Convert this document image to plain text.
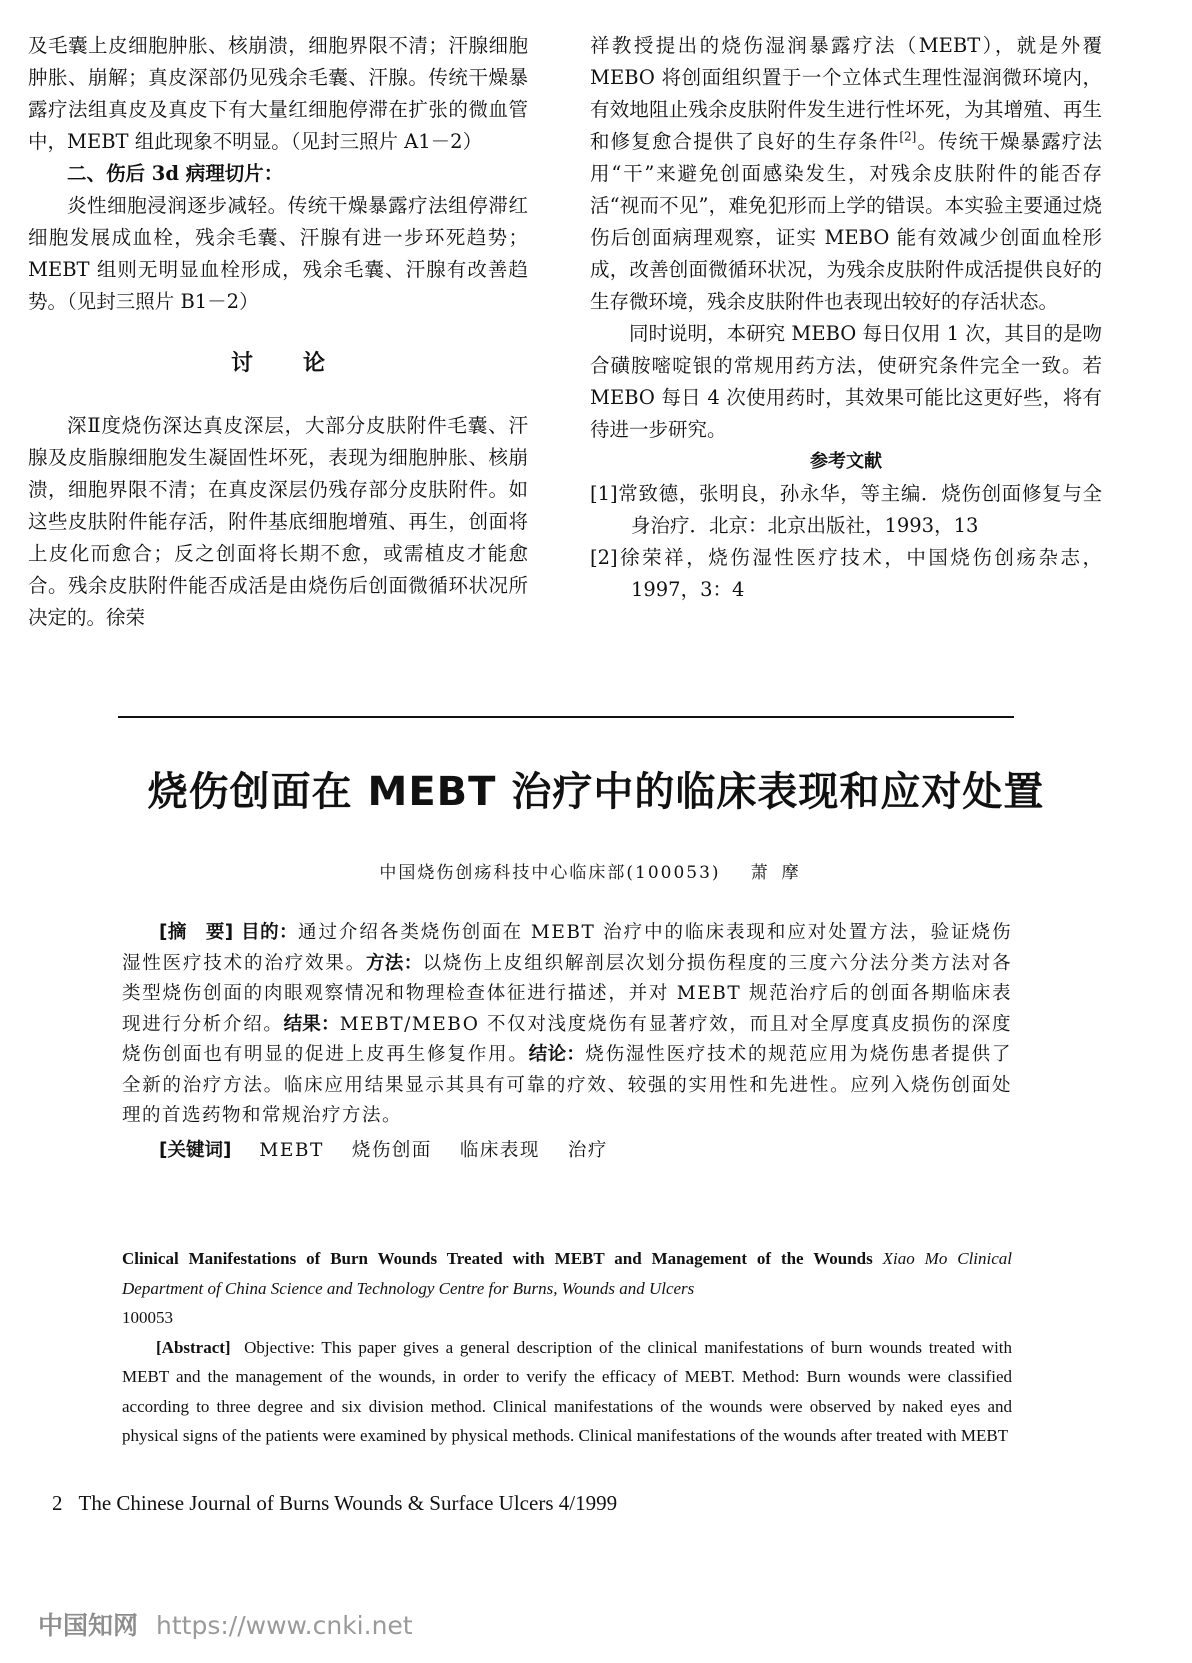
及毛囊上皮细胞肿胀、核崩溃，细胞界限不清；汗腺细胞肿胀、崩解；真皮深部仍见残余毛囊、汗腺。传统干燥暴露疗法组真皮及真皮下有大量红细胞停滞在扩张的微血管中，MEBT 组此现象不明显。（见封三照片 A1－2）

二、伤后 3d 病理切片：

炎性细胞浸润逐步减轻。传统干燥暴露疗法组停滞红细胞发展成血栓，残余毛囊、汗腺有进一步环死趋势；MEBT 组则无明显血栓形成，残余毛囊、汗腺有改善趋势。（见封三照片 B1－2）

讨论

深Ⅱ度烧伤深达真皮深层，大部分皮肤附件毛囊、汗腺及皮脂腺细胞发生凝固性坏死，表现为细胞肿胀、核崩溃，细胞界限不清；在真皮深层仍残存部分皮肤附件。如这些皮肤附件能存活，附件基底细胞增殖、再生，创面将上皮化而愈合；反之创面将长期不愈，或需植皮才能愈合。残余皮肤附件能否成活是由烧伤后创面微循环状况所决定的。徐荣

祥教授提出的烧伤湿润暴露疗法（MEBT），就是外覆 MEBO 将创面组织置于一个立体式生理性湿润微环境内，有效地阻止残余皮肤附件发生进行性坏死，为其增殖、再生和修复愈合提供了良好的生存条件[2]。传统干燥暴露疗法用“干”来避免创面感染发生，对残余皮肤附件的能否存活“视而不见”，难免犯形而上学的错误。本实验主要通过烧伤后创面病理观察，证实 MEBO 能有效减少创面血栓形成，改善创面微循环状况，为残余皮肤附件成活提供良好的生存微环境，残余皮肤附件也表现出较好的存活状态。

同时说明，本研究 MEBO 每日仅用 1 次，其目的是吻合磺胺嘧啶银的常规用药方法，使研究条件完全一致。若 MEBO 每日 4 次使用药时，其效果可能比这更好些，将有待进一步研究。

参考文献

[1]常致德，张明良，孙永华，等主编．烧伤创面修复与全身治疗．北京：北京出版社，1993，13

[2]徐荣祥，烧伤湿性医疗技术，中国烧伤创疡杂志，1997，3：4

烧伤创面在 MEBT 治疗中的临床表现和应对处置
中国烧伤创疡科技中心临床部(100053) 萧摩

[摘　要] 目的：通过介绍各类烧伤创面在 MEBT 治疗中的临床表现和应对处置方法，验证烧伤湿性医疗技术的治疗效果。方法：以烧伤上皮组织解剖层次划分损伤程度的三度六分法分类方法对各类型烧伤创面的肉眼观察情况和物理检查体征进行描述，并对 MEBT 规范治疗后的创面各期临床表现进行分析介绍。结果：MEBT/MEBO 不仅对浅度烧伤有显著疗效，而且对全厚度真皮损伤的深度烧伤创面也有明显的促进上皮再生修复作用。结论：烧伤湿性医疗技术的规范应用为烧伤患者提供了全新的治疗方法。临床应用结果显示其具有可靠的疗效、较强的实用性和先进性。应列入烧伤创面处理的首选药物和常规治疗方法。

[关键词] MEBT 烧伤创面 临床表现 治疗

Clinical Manifestations of Burn Wounds Treated with MEBT and Management of the Wounds Xiao Mo Clinical Department of China Science and Technology Centre for Burns, Wounds and Ulcers

100053

[Abstract] Objective: This paper gives a general description of the clinical manifestations of burn wounds treated with MEBT and the management of the wounds, in order to verify the efficacy of MEBT. Method: Burn wounds were classified according to three degree and six division method. Clinical manifestations of the wounds were observed by naked eyes and physical signs of the patients were examined by physical methods. Clinical manifestations of the wounds after treated with MEBT

2 The Chinese Journal of Burns Wounds & Surface Ulcers 4/1999
中国知网 https://www.cnki.net
